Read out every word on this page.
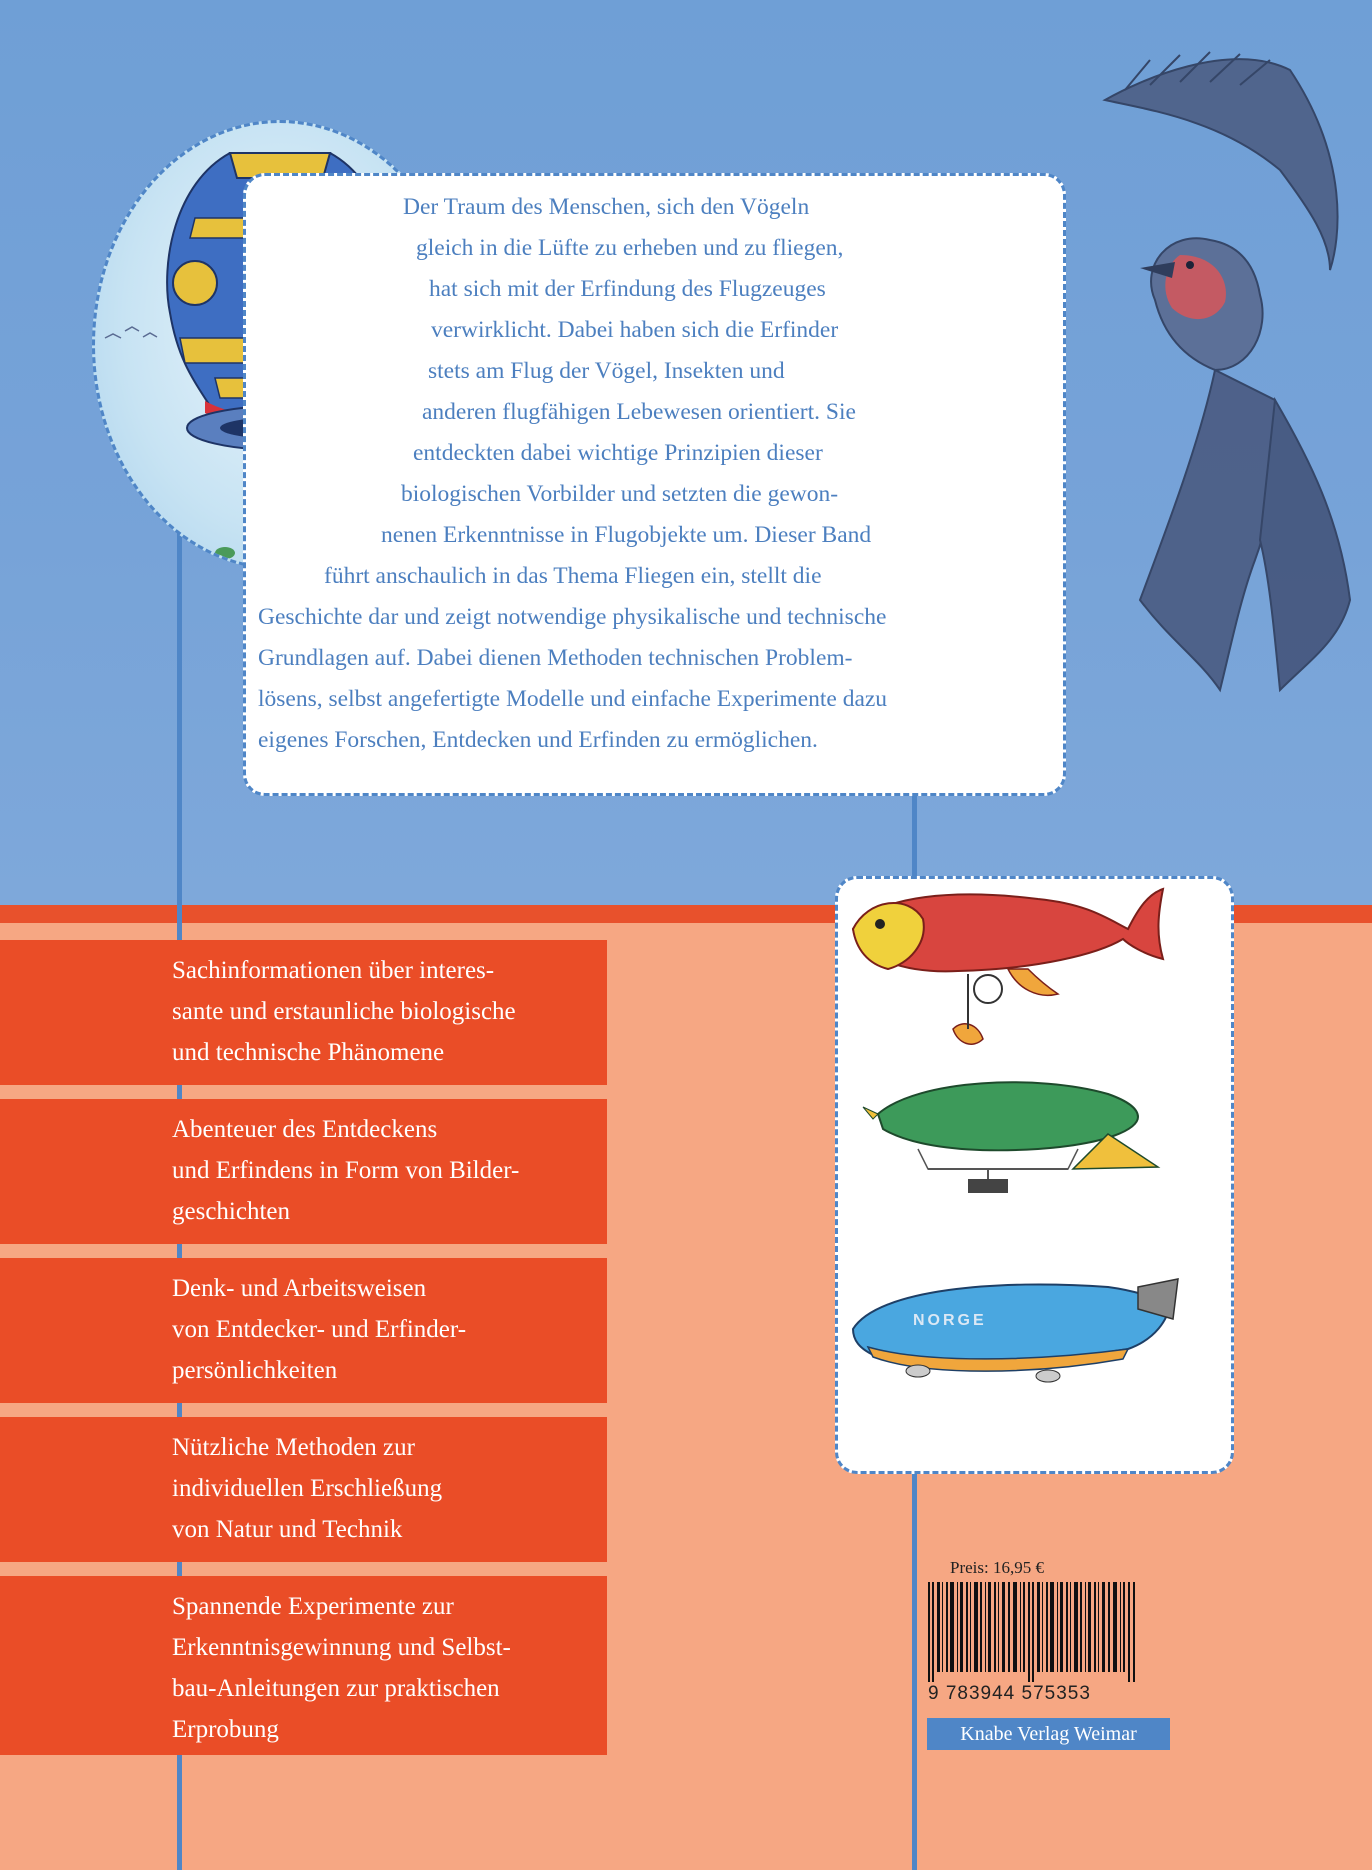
Der Traum des Menschen, sich den Vögeln
gleich in die Lüfte zu erheben und zu fliegen,
hat sich mit der Erfindung des Flugzeuges
verwirklicht. Dabei haben sich die Erfinder
stets am Flug der Vögel, Insekten und
anderen flugfähigen Lebewesen orientiert. Sie
entdeckten dabei wichtige Prinzipien dieser
biologischen Vorbilder und setzten die gewon-
nenen Erkenntnisse in Flugobjekte um. Dieser Band
führt anschaulich in das Thema Fliegen ein, stellt die
Geschichte dar und zeigt notwendige physikalische und technische
Grundlagen auf. Dabei dienen Methoden technischen Problem-
lösens, selbst angefertigte Modelle und einfache Experimente dazu
eigenes Forschen, Entdecken und Erfinden zu ermöglichen.
Sachinformationen über interes-
sante und erstaunliche biologische
und technische Phänomene
Abenteuer des Entdeckens
und Erfindens in Form von Bilder-
geschichten
Denk- und Arbeitsweisen
von Entdecker- und Erfinder-
persönlichkeiten
Nützliche Methoden zur
individuellen Erschließung
von Natur und Technik
Spannende Experimente zur
Erkenntnisgewinnung und Selbst-
bau-Anleitungen zur praktischen
Erprobung
NORGE
Preis: 16,95 €
9 783944 575353
Knabe Verlag Weimar
